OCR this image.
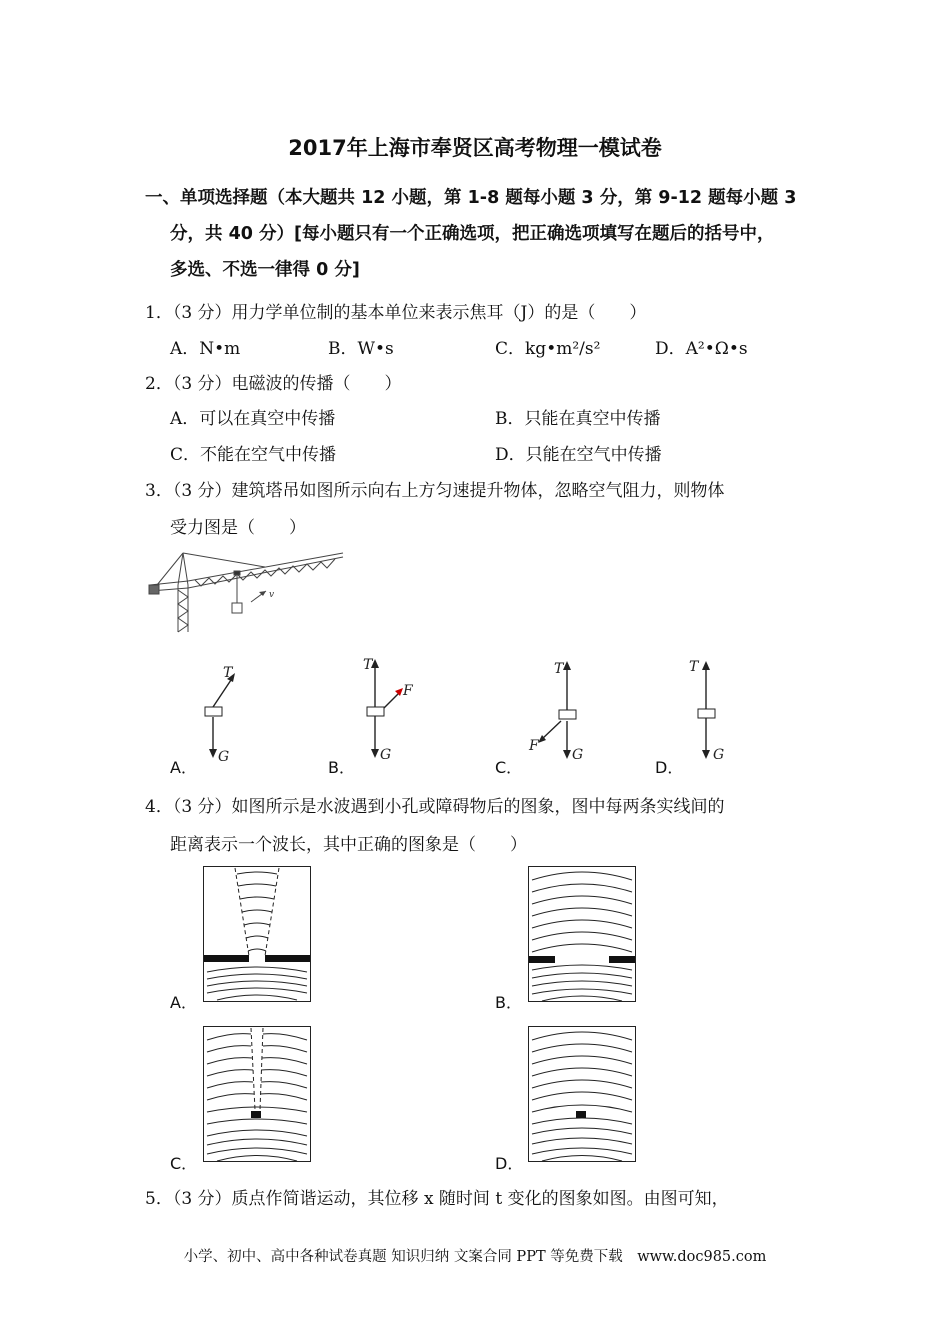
2017年上海市奉贤区高考物理一模试卷
一、单项选择题（本大题共 12 小题，第 1-8 题每小题 3 分，第 9-12 题每小题 3
分，共 40 分）[每小题只有一个正确选项，把正确选项填写在题后的括号中，
多选、不选一律得 0 分]
1．（3 分）用力学单位制的基本单位来表示焦耳（J）的是（　　）
A．N•m	B．W•s	C．kg•m²/s²	D．A²•Ω•s
2．（3 分）电磁波的传播（　　）
A．可以在真空中传播	B．只能在真空中传播
C．不能在空气中传播	D．只能在空气中传播
3．（3 分）建筑塔吊如图所示向右上方匀速提升物体，忽略空气阻力，则物体
受力图是（　　）
v
T
G
T
F
G
T
F
G
T
G
A．	B．	C．	D．
4．（3 分）如图所示是水波遇到小孔或障碍物后的图象，图中每两条实线间的
距离表示一个波长，其中正确的图象是（　　）
A．	B．
C．	D．
5．（3 分）质点作简谐运动，其位移 x 随时间 t 变化的图象如图。由图可知，
小学、初中、高中各种试卷真题 知识归纳 文案合同 PPT 等免费下载　www.doc985.com
